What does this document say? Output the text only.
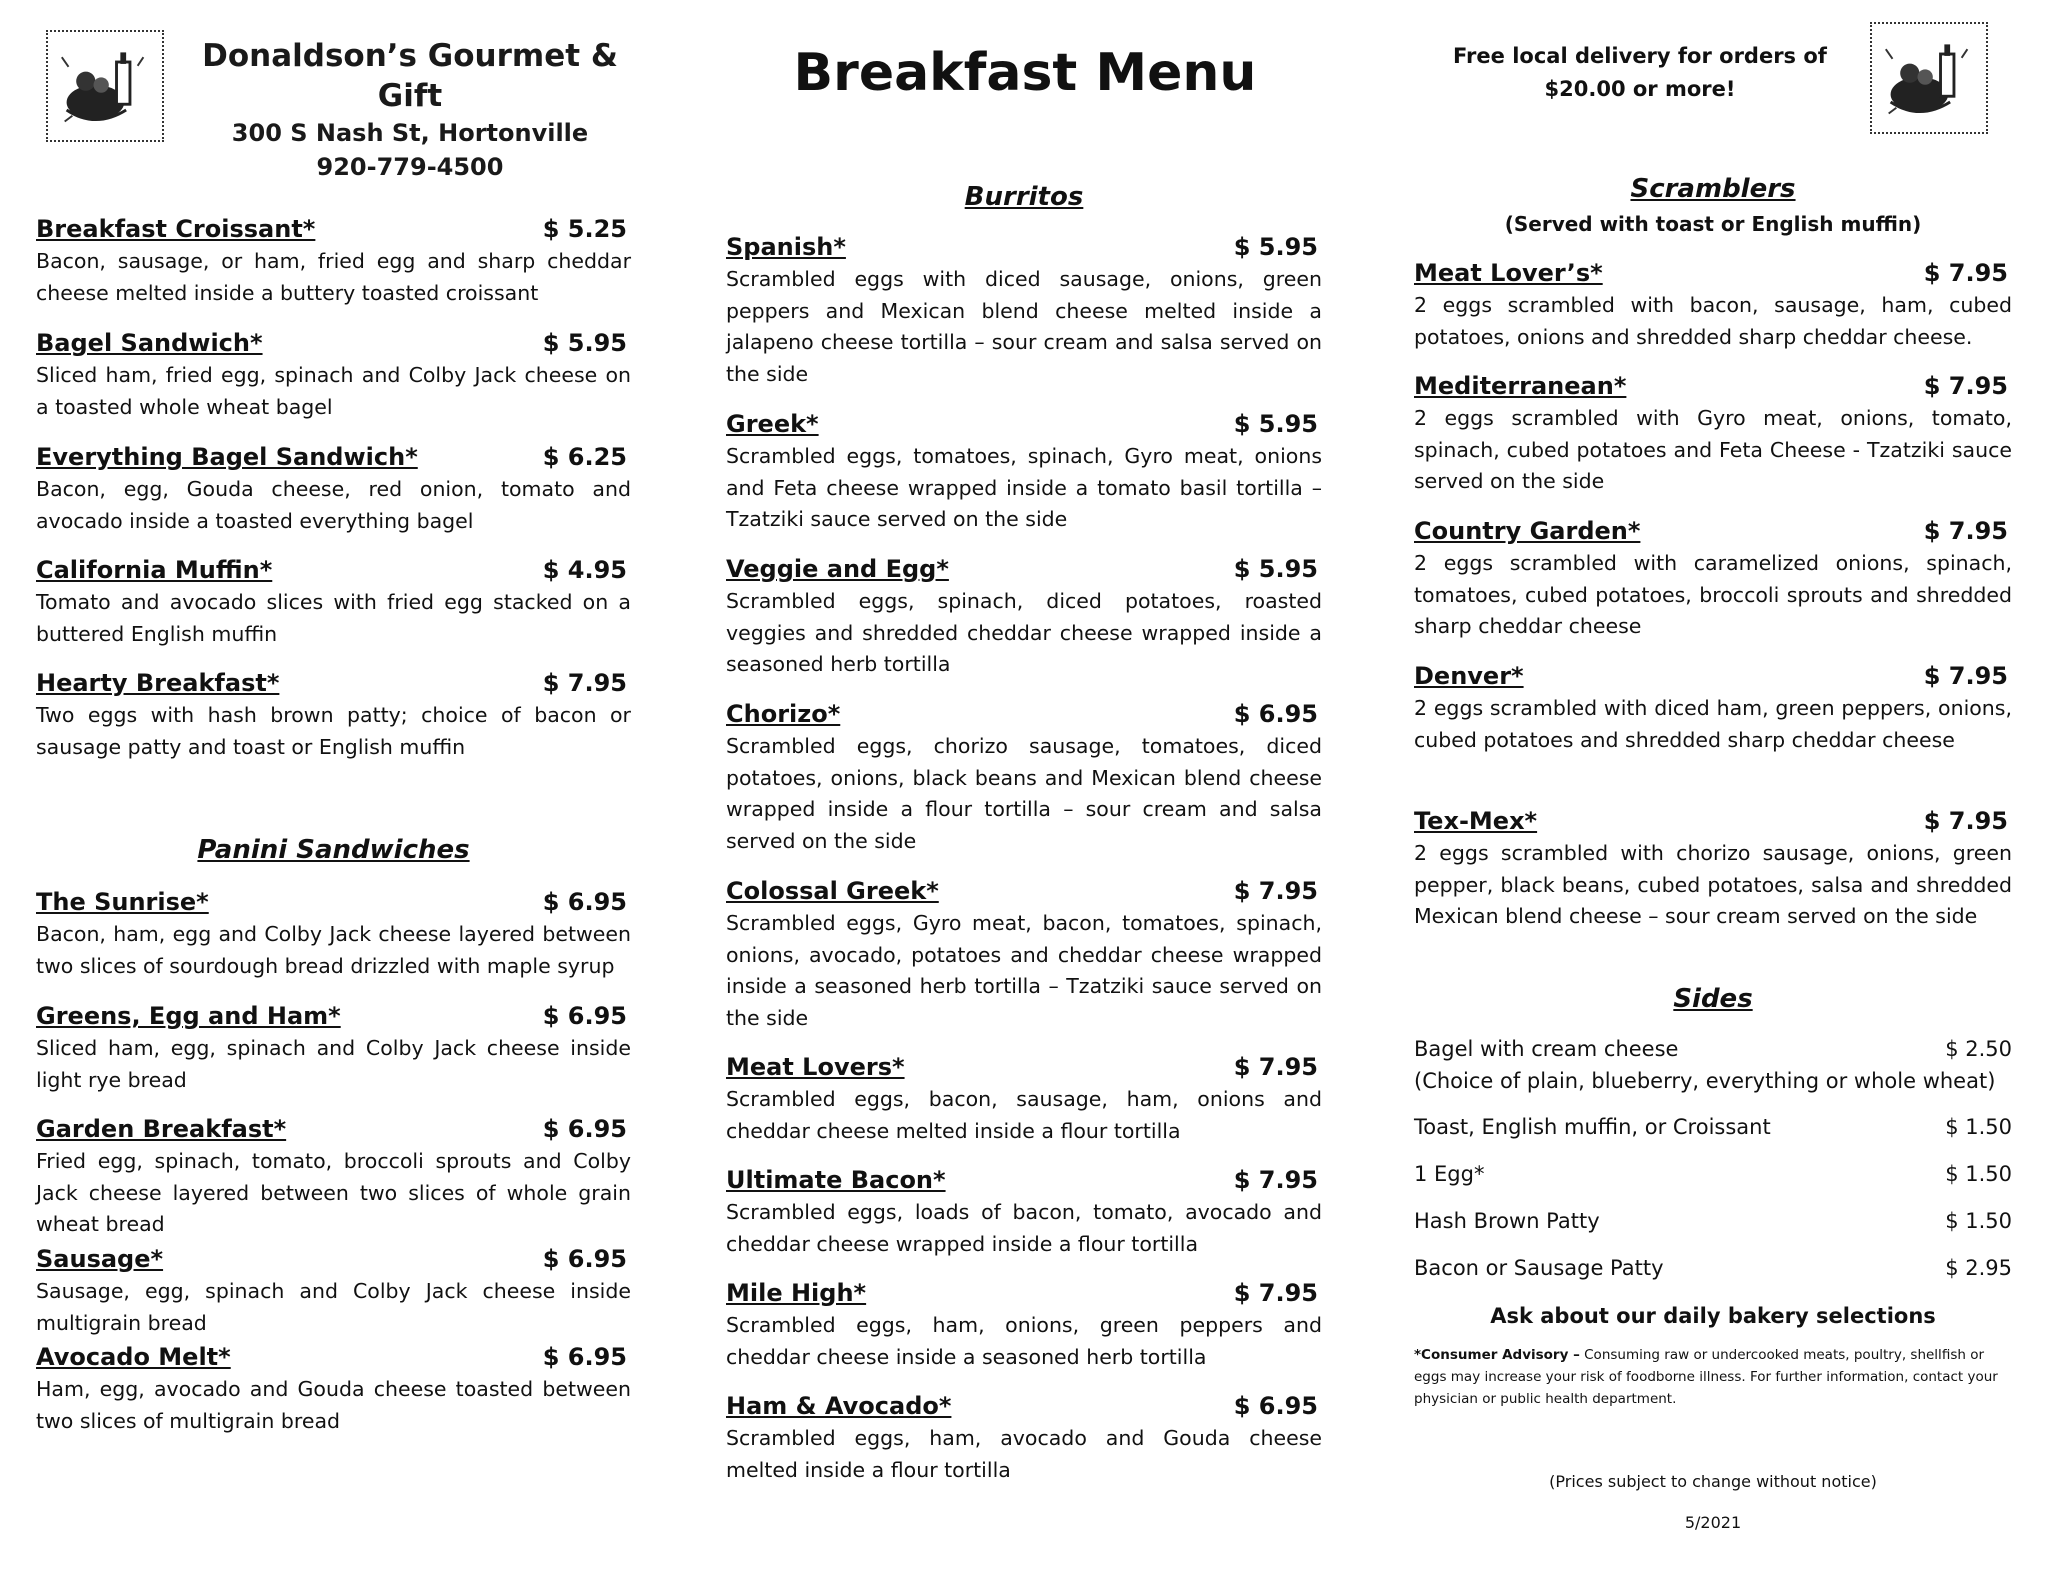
Donaldson’s Gourmet & Gift
300 S Nash St, Hortonville
920-779-4500
Breakfast Menu	Free local delivery for orders of
$20.00 or more!
Breakfast Croissant*	$ 5.25
Bacon, sausage, or ham, fried egg and sharp cheddar cheese melted inside a buttery toasted croissant
Bagel Sandwich*	$ 5.95
Sliced ham, fried egg, spinach and Colby Jack cheese on a toasted whole wheat bagel
Everything Bagel Sandwich*	$ 6.25
Bacon, egg, Gouda cheese, red onion, tomato and avocado inside a toasted everything bagel
California Muffin*	$ 4.95
Tomato and avocado slices with fried egg stacked on a buttered English muffin
Hearty Breakfast*	$ 7.95
Two eggs with hash brown patty; choice of bacon or sausage patty and toast or English muffin
Panini Sandwiches
The Sunrise*	$ 6.95
Bacon, ham, egg and Colby Jack cheese layered between two slices of sourdough bread drizzled with maple syrup
Greens, Egg and Ham*	$ 6.95
Sliced ham, egg, spinach and Colby Jack cheese inside light rye bread
Garden Breakfast*	$ 6.95
Fried egg, spinach, tomato, broccoli sprouts and Colby Jack cheese layered between two slices of whole grain wheat bread
Sausage*	$ 6.95
Sausage, egg, spinach and Colby Jack cheese inside multigrain bread
Avocado Melt*	$ 6.95
Ham, egg, avocado and Gouda cheese toasted between two slices of multigrain bread
Burritos
Spanish*	$ 5.95
Scrambled eggs with diced sausage, onions, green peppers and Mexican blend cheese melted inside a jalapeno cheese tortilla – sour cream and salsa served on the side
Greek*	$ 5.95
Scrambled eggs, tomatoes, spinach, Gyro meat, onions and Feta cheese wrapped inside a tomato basil tortilla – Tzatziki sauce served on the side
Veggie and Egg*	$ 5.95
Scrambled eggs, spinach, diced potatoes, roasted veggies and shredded cheddar cheese wrapped inside a seasoned herb tortilla
Chorizo*	$ 6.95
Scrambled eggs, chorizo sausage, tomatoes, diced potatoes, onions, black beans and Mexican blend cheese wrapped inside a flour tortilla – sour cream and salsa served on the side
Colossal Greek*	$ 7.95
Scrambled eggs, Gyro meat, bacon, tomatoes, spinach, onions, avocado, potatoes and cheddar cheese wrapped inside a seasoned herb tortilla – Tzatziki sauce served on the side
Meat Lovers*	$ 7.95
Scrambled eggs, bacon, sausage, ham, onions and cheddar cheese melted inside a flour tortilla
Ultimate Bacon*	$ 7.95
Scrambled eggs, loads of bacon, tomato, avocado and cheddar cheese wrapped inside a flour tortilla
Mile High*	$ 7.95
Scrambled eggs, ham, onions, green peppers and cheddar cheese inside a seasoned herb tortilla
Ham & Avocado*	$ 6.95
Scrambled eggs, ham, avocado and Gouda cheese melted inside a flour tortilla
Scramblers
(Served with toast or English muffin)
Meat Lover’s*	$ 7.95
2 eggs scrambled with bacon, sausage, ham, cubed potatoes, onions and shredded sharp cheddar cheese.
Mediterranean*	$ 7.95
2 eggs scrambled with Gyro meat, onions, tomato, spinach, cubed potatoes and Feta Cheese - Tzatziki sauce served on the side
Country Garden*	$ 7.95
2 eggs scrambled with caramelized onions, spinach, tomatoes, cubed potatoes, broccoli sprouts and shredded sharp cheddar cheese
Denver*	$ 7.95
2 eggs scrambled with diced ham, green peppers, onions, cubed potatoes and shredded sharp cheddar cheese
Tex-Mex*	$ 7.95
2 eggs scrambled with chorizo sausage, onions, green pepper, black beans, cubed potatoes, salsa and shredded Mexican blend cheese – sour cream served on the side
Sides
Bagel with cream cheese	$ 2.50
(Choice of plain, blueberry, everything or whole wheat)
Toast, English muffin, or Croissant	$ 1.50
1 Egg*	$ 1.50
Hash Brown Patty	$ 1.50
Bacon or Sausage Patty	$ 2.95
Ask about our daily bakery selections
*Consumer Advisory – Consuming raw or undercooked meats, poultry, shellfish or eggs may increase your risk of foodborne illness. For further information, contact your physician or public health department.
(Prices subject to change without notice)
5/2021
